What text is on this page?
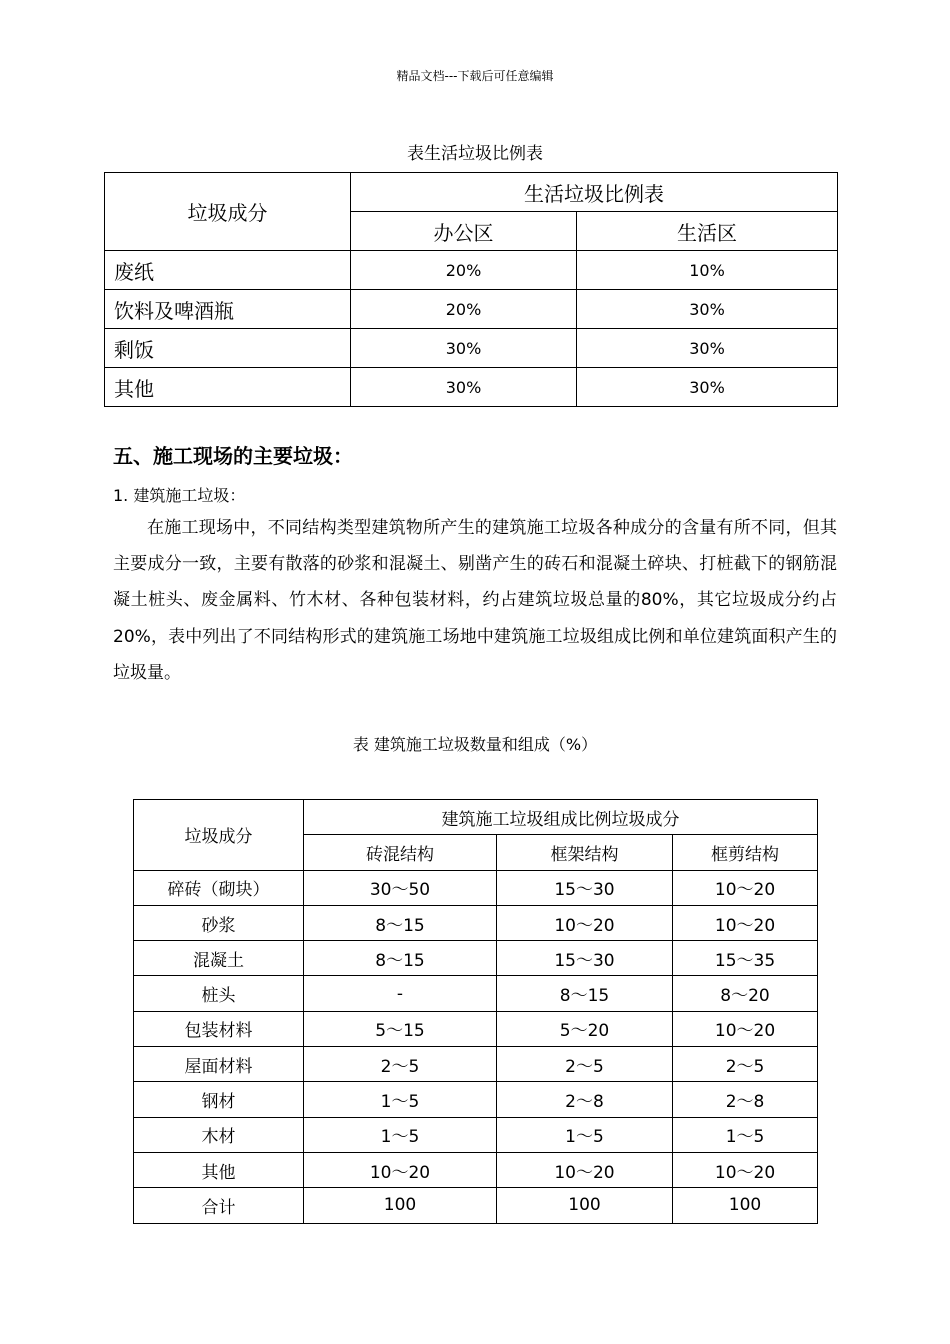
精品文档---下载后可任意编辑
表生活垃圾比例表
垃圾成分	生活垃圾比例表	
	办公区	生活区
废纸	20%	10%
饮料及啤酒瓶	20%	30%
剩饭	30%	30%
其他	30%	30%
五、施工现场的主要垃圾：
1. 建筑施工垃圾：

在施工现场中，不同结构类型建筑物所产生的建筑施工垃圾各种成分的含量有所不同，但其主要成分一致，主要有散落的砂浆和混凝土、剔凿产生的砖石和混凝土碎块、打桩截下的钢筋混凝土桩头、废金属料、竹木材、各种包装材料，约占建筑垃圾总量的80%，其它垃圾成分约占20%，表中列出了不同结构形式的建筑施工场地中建筑施工垃圾组成比例和单位建筑面积产生的垃圾量。

表 建筑施工垃圾数量和组成（%）
垃圾成分	建筑施工垃圾组成比例垃圾成分		
	砖混结构	框架结构	框剪结构
碎砖（砌块）	30～50	15～30	10～20
砂浆	8～15	10～20	10～20
混凝土	8～15	15～30	15～35
桩头	-	8～15	8～20
包装材料	5～15	5～20	10～20
屋面材料	2～5	2～5	2～5
钢材	1～5	2～8	2～8
木材	1～5	1～5	1～5
其他	10～20	10～20	10～20
合计	100	100	100
